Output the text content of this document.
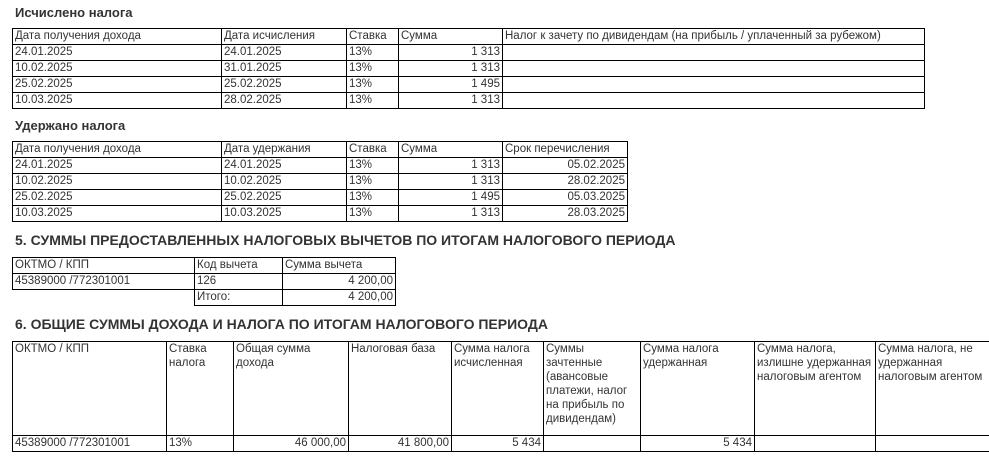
Исчислено налога
Дата получения дохода	Дата исчисления	Ставка	Сумма	Налог к зачету по дивидендам (на прибыль / уплаченный за рубежом)
24.01.2025	24.01.2025	13%	1 313	
10.02.2025	31.01.2025	13%	1 313	
25.02.2025	25.02.2025	13%	1 495	
10.03.2025	28.02.2025	13%	1 313	
Удержано налога
Дата получения дохода	Дата удержания	Ставка	Сумма	Срок перечисления
24.01.2025	24.01.2025	13%	1 313	05.02.2025
10.02.2025	10.02.2025	13%	1 313	28.02.2025
25.02.2025	25.02.2025	13%	1 495	05.03.2025
10.03.2025	10.03.2025	13%	1 313	28.03.2025
5. СУММЫ ПРЕДОСТАВЛЕННЫХ НАЛОГОВЫХ ВЫЧЕТОВ ПО ИТОГАМ НАЛОГОВОГО ПЕРИОДА
ОКТМО / КПП	Код вычета	Сумма вычета
45389000 /772301001	126	4 200,00
	Итого:	4 200,00
6. ОБЩИЕ СУММЫ ДОХОДА И НАЛОГА ПО ИТОГАМ НАЛОГОВОГО ПЕРИОДА
ОКТМО / КПП	Ставка налога	Общая сумма дохода	Налоговая база	Сумма налога исчисленная	Суммы зачтенные (авансовые платежи, налог на прибыль по дивидендам)	Сумма налога удержанная	Сумма налога, излишне удержанная налоговым агентом	Сумма налога, не удержанная налоговым агентом
45389000 /772301001	13%	46 000,00	41 800,00	5 434		5 434		
